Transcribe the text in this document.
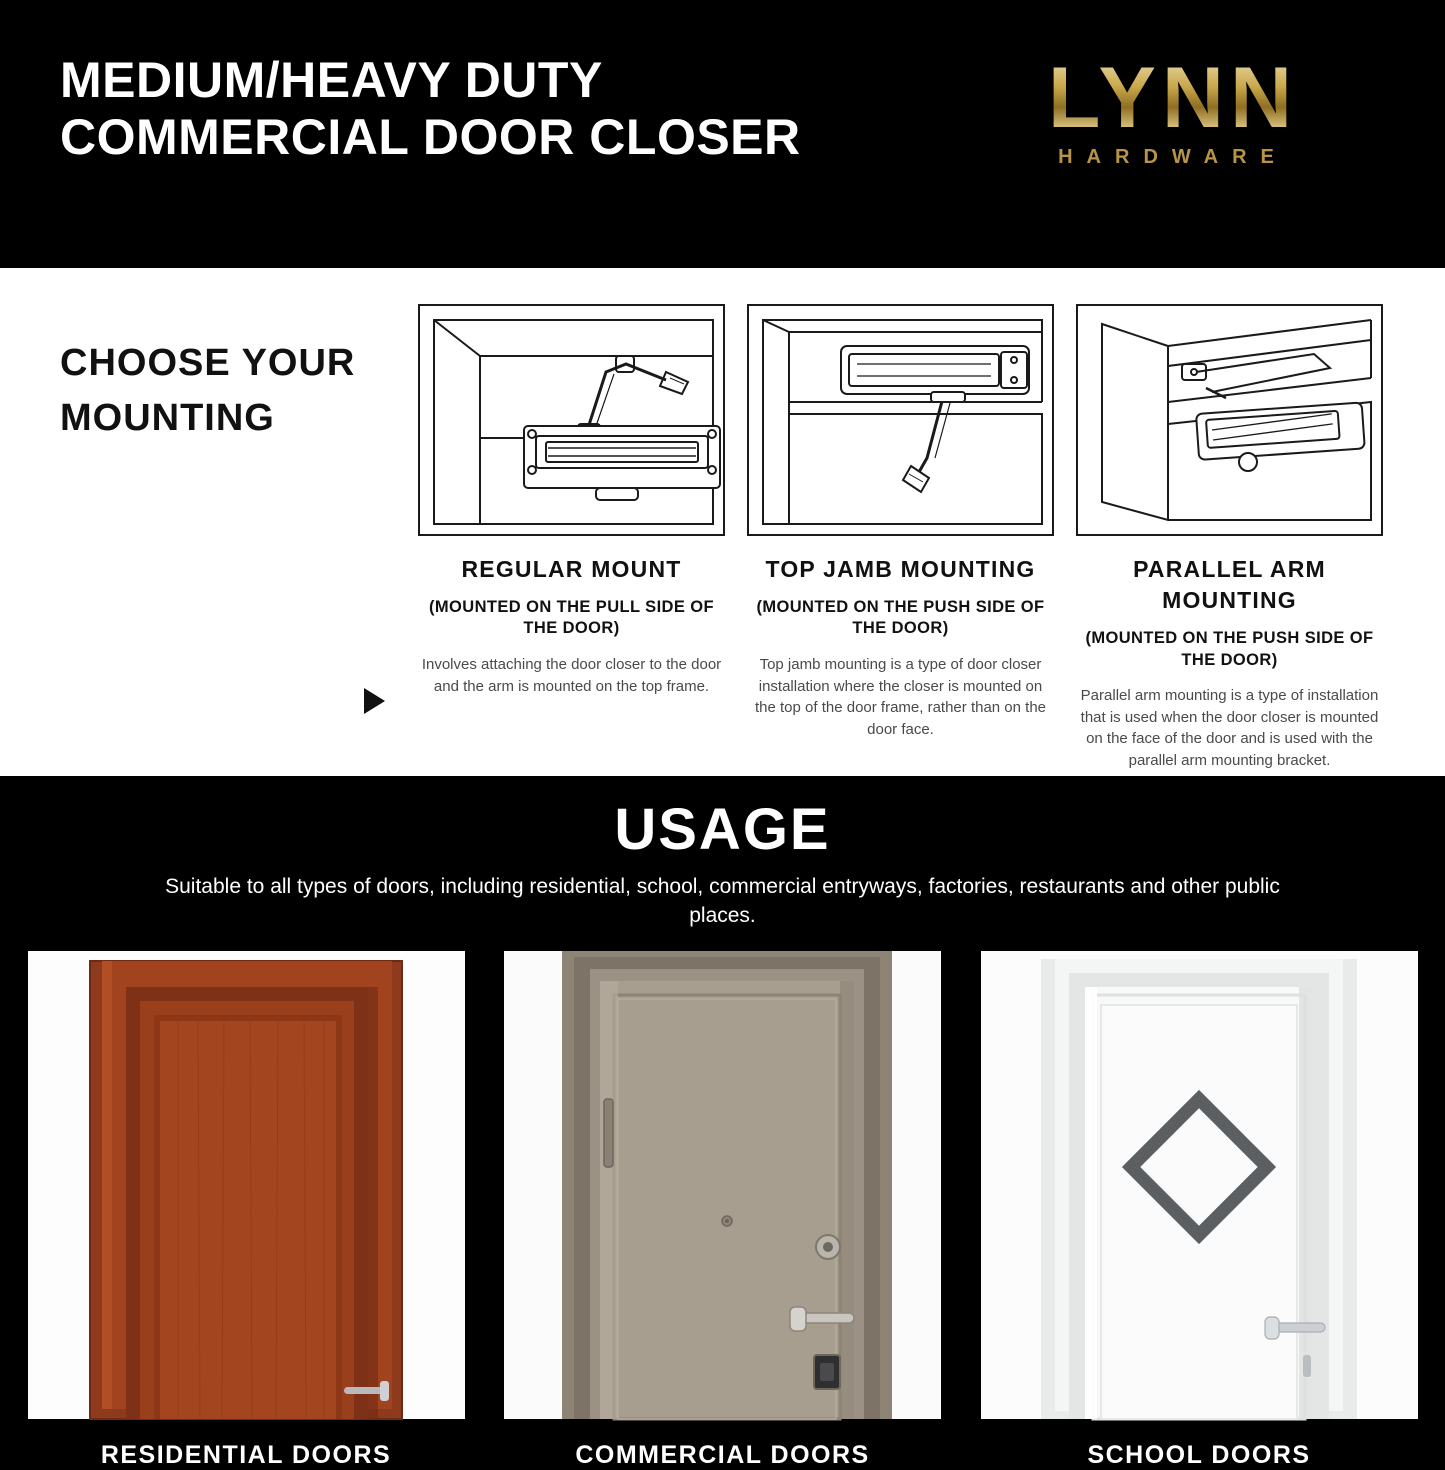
MEDIUM/HEAVY DUTY COMMERCIAL DOOR CLOSER	LYNN
HARDWARE
CHOOSE YOUR MOUNTING
REGULAR MOUNT
(MOUNTED ON THE PULL SIDE OF THE DOOR)
Involves attaching the door closer to the door and the arm is mounted on the top frame.
TOP JAMB MOUNTING
(MOUNTED ON THE PUSH SIDE OF THE DOOR)
Top jamb mounting is a type of door closer installation where the closer is mounted on the top of the door frame, rather than on the door face.
PARALLEL ARM MOUNTING
(MOUNTED ON THE PUSH SIDE OF THE DOOR)
Parallel arm mounting is a type of installation that is used when the door closer is mounted on the face of the door and is used with the parallel arm mounting bracket.
USAGE
Suitable to all types of doors, including residential, school, commercial entryways, factories, restaurants and other public places.
RESIDENTIAL DOORS	COMMERCIAL DOORS	SCHOOL DOORS
